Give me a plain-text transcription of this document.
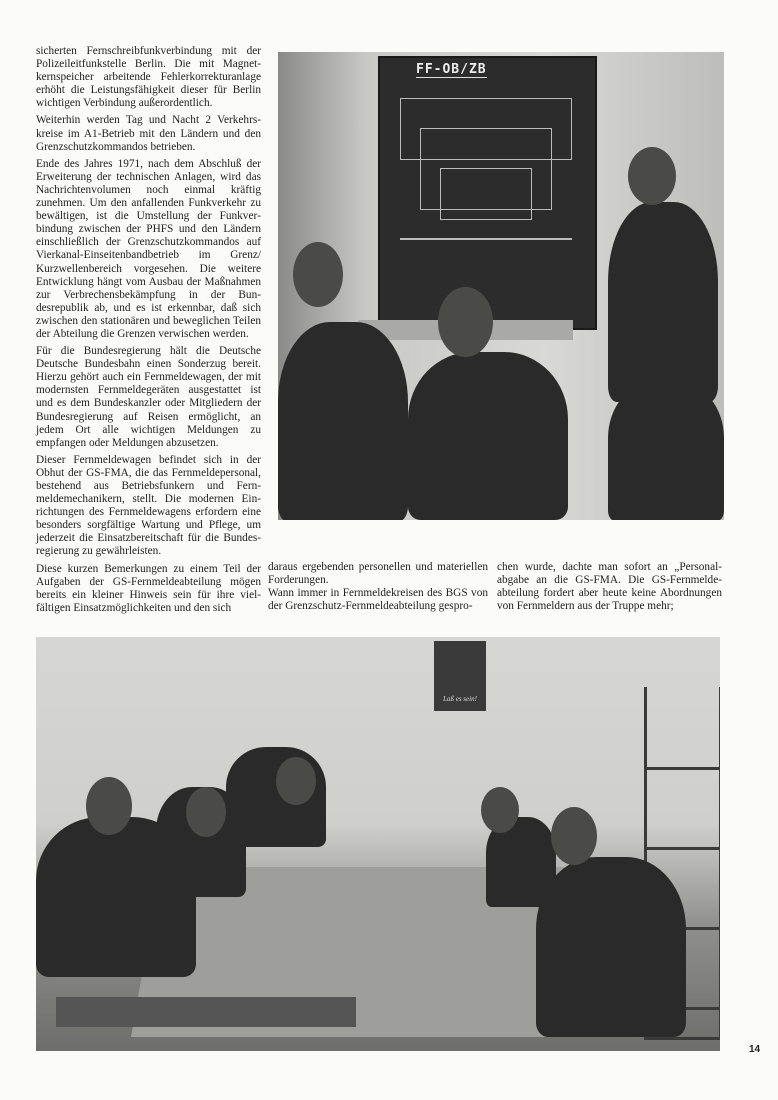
sicherten Fernschreibfunkverbindung mit der Polizeileitfunkstelle Berlin. Die mit Magnetkernspeicher arbeitende Fehlerkorrekturanlage erhöht die Leistungsfähigkeit dieser für Berlin wichtigen Verbindung außerordentlich.

Weiterhin werden Tag und Nacht 2 Verkehrskreise im A1-Betrieb mit den Ländern und den Grenzschutzkommandos betrieben.

Ende des Jahres 1971, nach dem Abschluß der Erweiterung der technischen Anlagen, wird das Nachrichtenvolumen noch einmal kräftig zunehmen. Um den anfallenden Funkverkehr zu bewältigen, ist die Umstellung der Funkverbindung zwischen der PHFS und den Ländern einschließlich der Grenzschutzkommandos auf Vierkanal-Einseitenbandbetrieb im Grenz/ Kurzwellenbereich vorgesehen. Die weitere Entwicklung hängt vom Ausbau der Maßnahmen zur Verbrechensbekämpfung in der Bundesrepublik ab, und es ist erkennbar, daß sich zwischen den stationären und beweglichen Teilen der Abteilung die Grenzen verwischen werden.

Für die Bundesregierung hält die Deutsche Deutsche Bundesbahn einen Sonderzug bereit. Hierzu gehört auch ein Fernmeldewagen, der mit modernsten Fernmeldegeräten ausgestattet ist und es dem Bundeskanzler oder Mitgliedern der Bundesregierung auf Reisen ermöglicht, an jedem Ort alle wichtigen Meldungen zu empfangen oder Meldungen abzusetzen.

Dieser Fernmeldewagen befindet sich in der Obhut der GS-FMA, die das Fernmeldepersonal, bestehend aus Betriebsfunkern und Fernmeldemechanikern, stellt. Die modernen Einrichtungen des Fernmeldewagens erfordern eine besonders sorgfältige Wartung und Pflege, um jederzeit die Einsatzbereitschaft für die Bundesregierung zu gewährleisten.

Diese kurzen Bemerkungen zu einem Teil der Aufgaben der GS-Fernmeldeabteilung mögen bereits ein kleiner Hinweis sein für ihre vielfältigen Einsatzmöglichkeiten und den sich

FF-OB/ZB

daraus ergebenden personellen und materiellen Forderungen.

Wann immer in Fernmeldekreisen des BGS von der Grenzschutz-Fernmeldeabteilung gespro-

chen wurde, dachte man sofort an „Personalabgabe an die GS-FMA. Die GS-Fernmeldeabteilung fordert aber heute keine Abordnungen von Fernmeldern aus der Truppe mehr;

Laß es sein!
14
